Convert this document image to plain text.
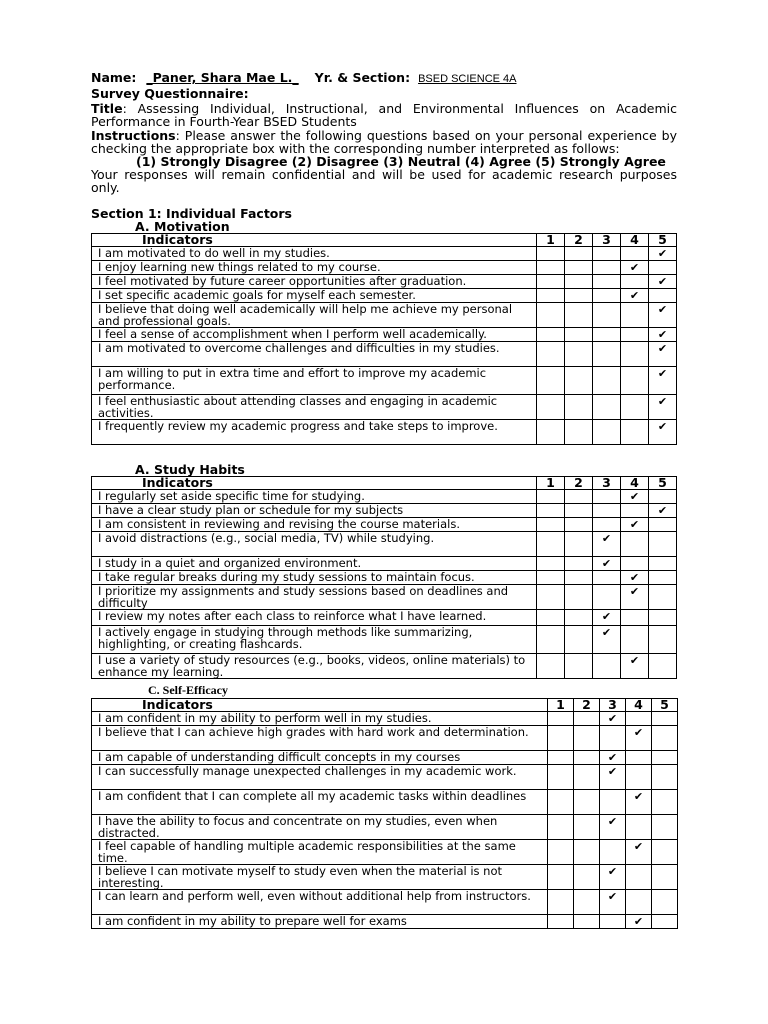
Name: _Paner, Shara Mae L._ Yr. & Section: BSED SCIENCE 4A
Survey Questionnaire:
Title: Assessing Individual, Instructional, and Environmental Influences on Academic Performance in Fourth-Year BSED Students
Instructions: Please answer the following questions based on your personal experience by checking the appropriate box with the corresponding number interpreted as follows:

(1) Strongly Disagree (2) Disagree (3) Neutral (4) Agree (5) Strongly Agree

Your responses will remain confidential and will be used for academic research purposes only.
Section 1: Individual Factors
A. Motivation
Indicators	1	2	3	4	5
I am motivated to do well in my studies.					✔
I enjoy learning new things related to my course.				✔	
I feel motivated by future career opportunities after graduation.					✔
I set specific academic goals for myself each semester.				✔	
I believe that doing well academically will help me achieve my personal and professional goals.					✔
I feel a sense of accomplishment when I perform well academically.					✔
I am motivated to overcome challenges and difficulties in my studies.					✔
I am willing to put in extra time and effort to improve my academic performance.					✔
I feel enthusiastic about attending classes and engaging in academic activities.					✔
I frequently review my academic progress and take steps to improve.					✔
A. Study Habits
Indicators	1	2	3	4	5
I regularly set aside specific time for studying.				✔	
I have a clear study plan or schedule for my subjects					✔
I am consistent in reviewing and revising the course materials.				✔	
I avoid distractions (e.g., social media, TV) while studying.			✔		
I study in a quiet and organized environment.			✔		
I take regular breaks during my study sessions to maintain focus.				✔	
I prioritize my assignments and study sessions based on deadlines and difficulty				✔	
I review my notes after each class to reinforce what I have learned.			✔		
I actively engage in studying through methods like summarizing, highlighting, or creating flashcards.			✔		
I use a variety of study resources (e.g., books, videos, online materials) to enhance my learning.				✔	
C. Self-Efficacy
Indicators	1	2	3	4	5
I am confident in my ability to perform well in my studies.			✔		
I believe that I can achieve high grades with hard work and determination.				✔	
I am capable of understanding difficult concepts in my courses			✔		
I can successfully manage unexpected challenges in my academic work.			✔		
I am confident that I can complete all my academic tasks within deadlines				✔	
I have the ability to focus and concentrate on my studies, even when distracted.			✔		
I feel capable of handling multiple academic responsibilities at the same time.				✔	
I believe I can motivate myself to study even when the material is not interesting.			✔		
I can learn and perform well, even without additional help from instructors.			✔		
I am confident in my ability to prepare well for exams				✔	
